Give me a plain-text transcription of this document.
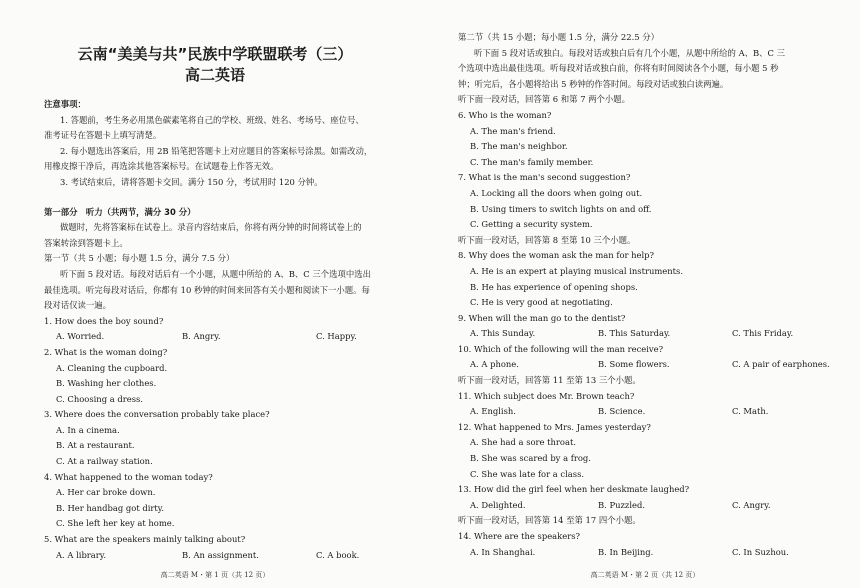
云南“美美与共”民族中学联盟联考（三）
高二英语
注意事项：
1. 答题前，考生务必用黑色碳素笔将自己的学校、班级、姓名、考场号、座位号、
准考证号在答题卡上填写清楚。
2. 每小题选出答案后，用 2B 铅笔把答题卡上对应题目的答案标号涂黑。如需改动，
用橡皮擦干净后，再选涂其他答案标号。在试题卷上作答无效。
3. 考试结束后，请将答题卡交回。满分 150 分，考试用时 120 分钟。
第一部分　听力（共两节，满分 30 分）
做题时，先将答案标在试卷上。录音内容结束后，你将有两分钟的时间将试卷上的
答案转涂到答题卡上。
第一节（共 5 小题；每小题 1.5 分，满分 7.5 分）
听下面 5 段对话。每段对话后有一个小题，从题中所给的 A、B、C 三个选项中选出
最佳选项。听完每段对话后，你都有 10 秒钟的时间来回答有关小题和阅读下一小题。每
段对话仅读一遍。
1. How does the boy sound?
A. Worried.	B. Angry.	C. Happy.
2. What is the woman doing?
A. Cleaning the cupboard.
B. Washing her clothes.
C. Choosing a dress.
3. Where does the conversation probably take place?
A. In a cinema.
B. At a restaurant.
C. At a railway station.
4. What happened to the woman today?
A. Her car broke down.
B. Her handbag got dirty.
C. She left her key at home.
5. What are the speakers mainly talking about?
A. A library.	B. An assignment.	C. A book.
高二英语 M・第 1 页（共 12 页）
第二节（共 15 小题；每小题 1.5 分，满分 22.5 分）
听下面 5 段对话或独白。每段对话或独白后有几个小题，从题中所给的 A、B、C 三
个选项中选出最佳选项。听每段对话或独白前，你将有时间阅读各个小题，每小题 5 秒
钟；听完后，各小题将给出 5 秒钟的作答时间。每段对话或独白读两遍。
听下面一段对话，回答第 6 和第 7 两个小题。
6. Who is the woman?
A. The man's friend.
B. The man's neighbor.
C. The man's family member.
7. What is the man's second suggestion?
A. Locking all the doors when going out.
B. Using timers to switch lights on and off.
C. Getting a security system.
听下面一段对话，回答第 8 至第 10 三个小题。
8. Why does the woman ask the man for help?
A. He is an expert at playing musical instruments.
B. He has experience of opening shops.
C. He is very good at negotiating.
9. When will the man go to the dentist?
A. This Sunday.	B. This Saturday.	C. This Friday.
10. Which of the following will the man receive?
A. A phone.	B. Some flowers.	C. A pair of earphones.
听下面一段对话，回答第 11 至第 13 三个小题。
11. Which subject does Mr. Brown teach?
A. English.	B. Science.	C. Math.
12. What happened to Mrs. James yesterday?
A. She had a sore throat.
B. She was scared by a frog.
C. She was late for a class.
13. How did the girl feel when her deskmate laughed?
A. Delighted.	B. Puzzled.	C. Angry.
听下面一段对话，回答第 14 至第 17 四个小题。
14. Where are the speakers?
A. In Shanghai.	B. In Beijing.	C. In Suzhou.
高二英语 M・第 2 页（共 12 页）
